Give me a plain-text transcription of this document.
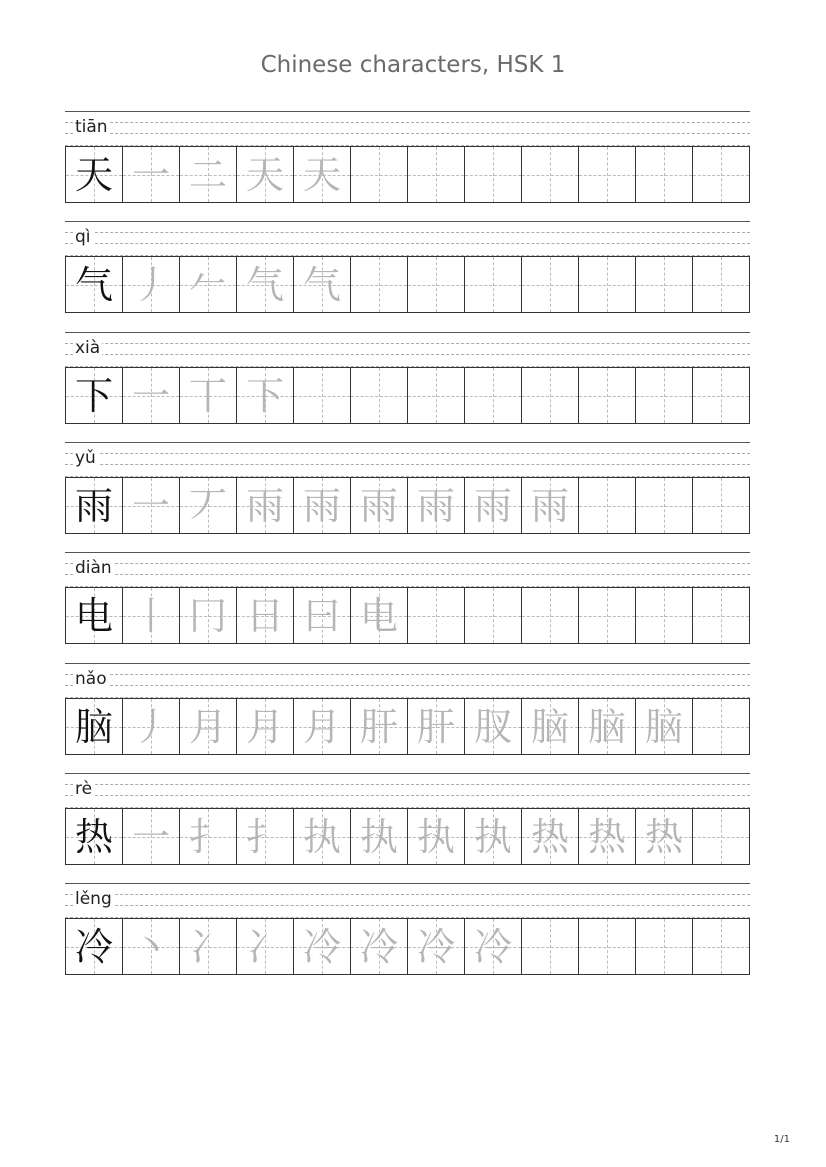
Chinese characters, HSK 1
tiān
天 一 二 天 天
qì
气 丿 𠂉 气 气
xià
下 一 丅 下
yǔ
雨 一 丆 雨 雨 雨 雨 雨 雨
diàn
电 丨 冂 日 曰 电
nǎo
脑 丿 月 月 月 肝 肝 肞 脑 脑 脑
rè
热 一 扌 扌 执 执 执 执 热 热 热
lěng
冷 丶 冫 冫 冷 冷 冷 冷
1/1
